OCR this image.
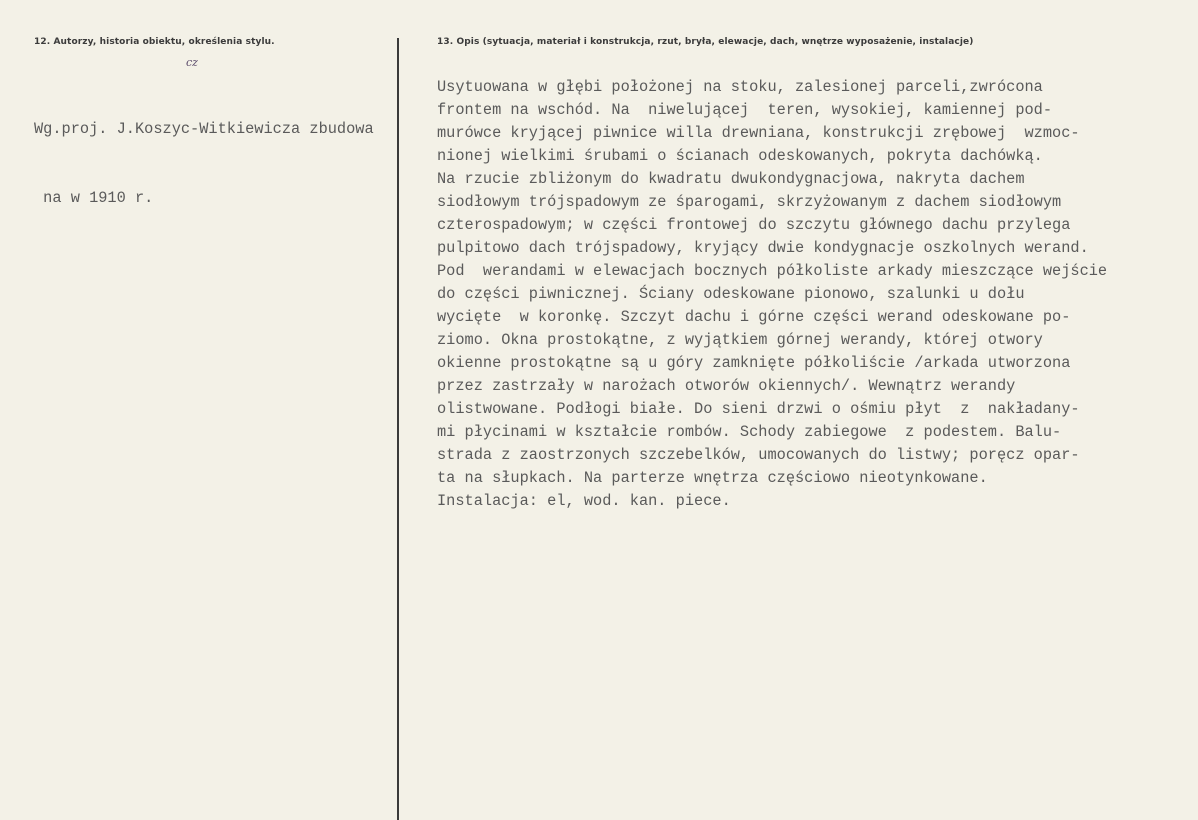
12. Autorzy, historia obiektu, określenia stylu.	13. Opis (sytuacja, materiał i konstrukcja, rzut, bryła, elewacje, dach, wnętrze wyposażenie, instalacje)

Wg.proj. J.Koszyc-Witkiewicza zbudowa

na w 1910 r.

cz
Usytuowana w głębi położonej na stoku, zalesionej parceli,zwrócona
frontem na wschód. Na  niwelującej  teren, wysokiej, kamiennej pod-
murówce kryjącej piwnice willa drewniana, konstrukcji zrębowej  wzmoc-
nionej wielkimi śrubami o ścianach odeskowanych, pokryta dachówką.
Na rzucie zbliżonym do kwadratu dwukondygnacjowa, nakryta dachem
siodłowym trójspadowym ze śparogami, skrzyżowanym z dachem siodłowym
czterospadowym; w części frontowej do szczytu głównego dachu przylega
pulpitowo dach trójspadowy, kryjący dwie kondygnacje oszkolnych werand.
Pod  werandami w elewacjach bocznych półkoliste arkady mieszczące wejście
do części piwnicznej. Ściany odeskowane pionowo, szalunki u dołu
wycięte  w koronkę. Szczyt dachu i górne części werand odeskowane po-
ziomo. Okna prostokątne, z wyjątkiem górnej werandy, której otwory
okienne prostokątne są u góry zamknięte półkoliście /arkada utworzona
przez zastrzały w narożach otworów okiennych/. Wewnątrz werandy
olistwowane. Podłogi białe. Do sieni drzwi o ośmiu płyt  z  nakładany-
mi płycinami w kształcie rombów. Schody zabiegowe  z podestem. Balu-
strada z zaostrzonych szczebelków, umocowanych do listwy; poręcz opar-
ta na słupkach. Na parterze wnętrza częściowo nieotynkowane.
Instalacja: el, wod. kan. piece.
